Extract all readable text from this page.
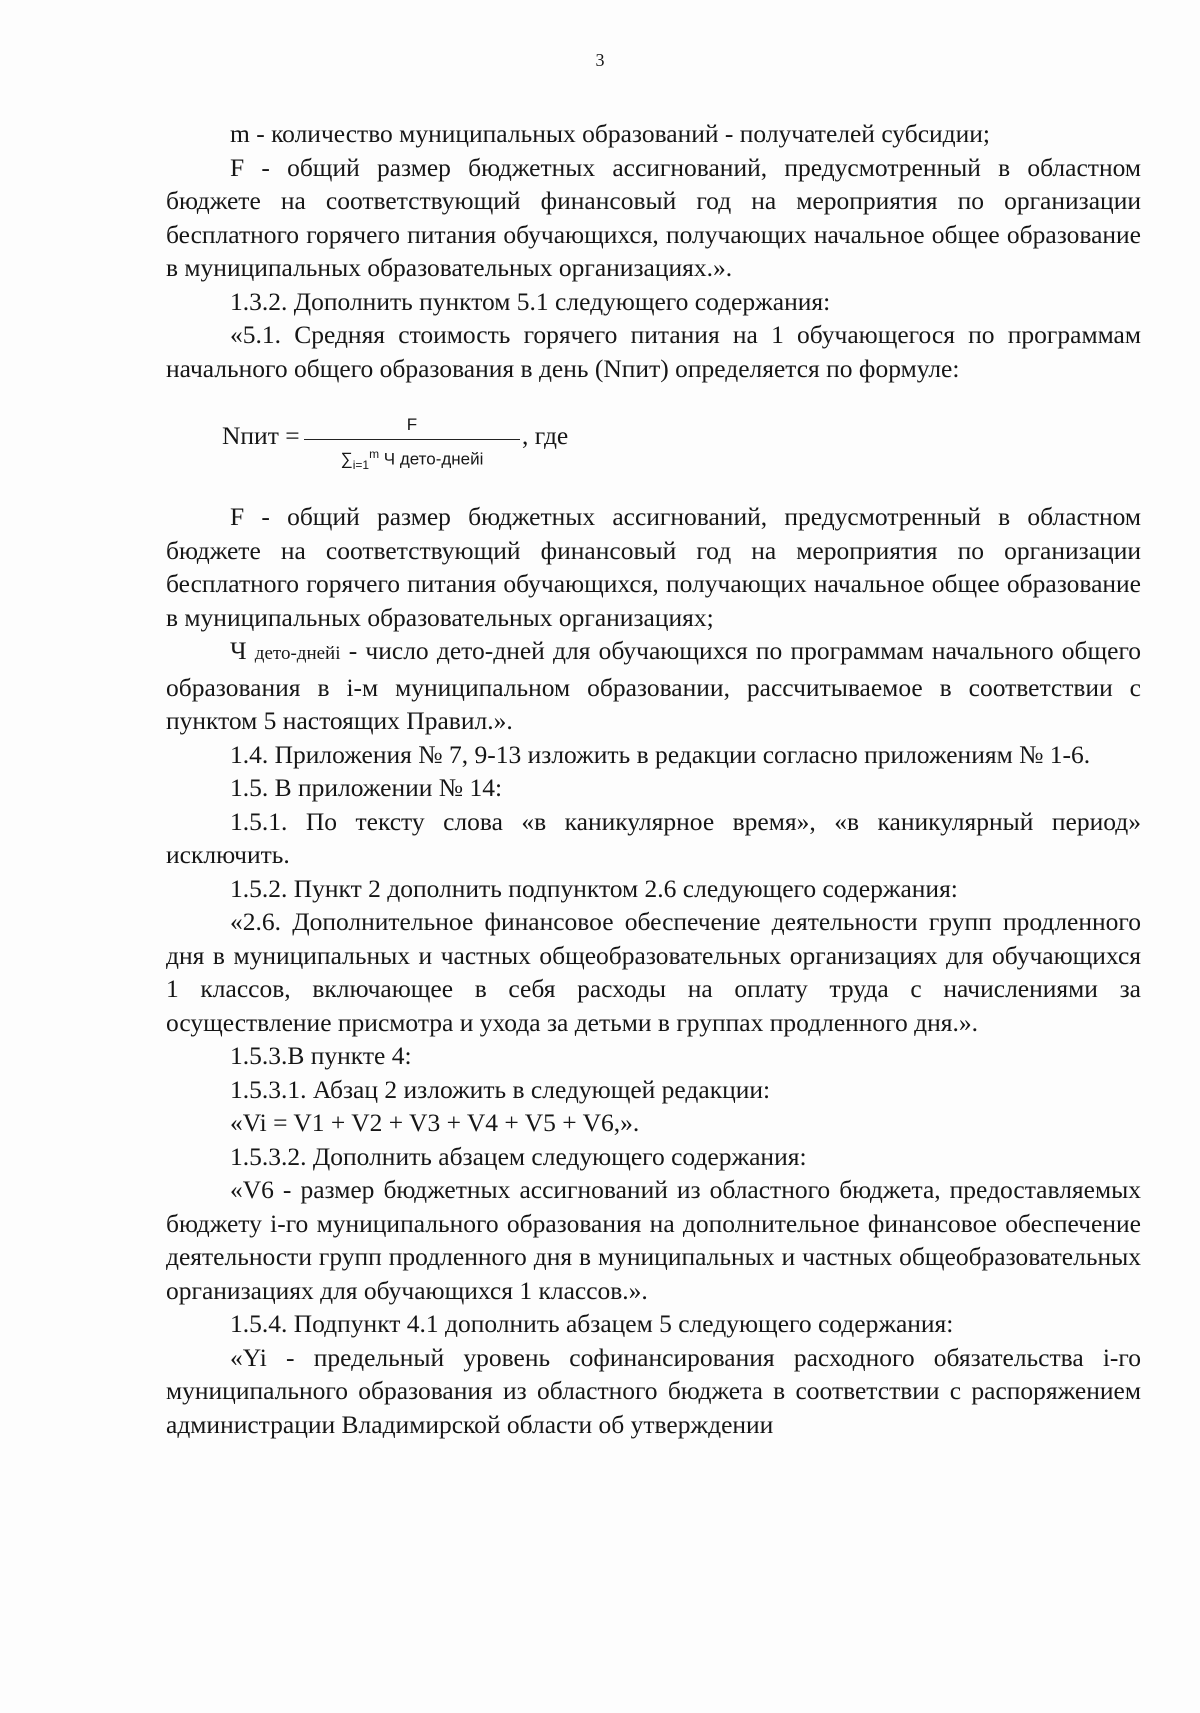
3

m - количество муниципальных образований - получателей субсидии;

F - общий размер бюджетных ассигнований, предусмотренный в областном бюджете на соответствующий финансовый год на мероприятия по организации бесплатного горячего питания обучающихся, получающих начальное общее образование в муниципальных образовательных организациях.».

1.3.2. Дополнить пунктом 5.1 следующего содержания:

«5.1. Средняя стоимость горячего питания на 1 обучающегося по программам начального общего образования в день (Nпит) определяется по формуле:

Nпит =	F
$\sum_{i=1}^m$ Ч дето-днейi
, где

F - общий размер бюджетных ассигнований, предусмотренный в областном бюджете на соответствующий финансовый год на мероприятия по организации бесплатного горячего питания обучающихся, получающих начальное общее образование в муниципальных образовательных организациях;

Ч дето-днейi - число дето-дней для обучающихся по программам начального общего образования в i-м муниципальном образовании, рассчитываемое в соответствии с пунктом 5 настоящих Правил.».

1.4. Приложения № 7, 9-13 изложить в редакции согласно приложениям № 1-6.

1.5. В приложении № 14:

1.5.1. По тексту слова «в каникулярное время», «в каникулярный период» исключить.

1.5.2. Пункт 2 дополнить подпунктом 2.6 следующего содержания:

«2.6. Дополнительное финансовое обеспечение деятельности групп продленного дня в муниципальных и частных общеобразовательных организациях для обучающихся 1 классов, включающее в себя расходы на оплату труда с начислениями за осуществление присмотра и ухода за детьми в группах продленного дня.».

1.5.3.В пункте 4:

1.5.3.1. Абзац 2 изложить в следующей редакции:

«Vi = V1 + V2 + V3 + V4 + V5 + V6,».

1.5.3.2. Дополнить абзацем следующего содержания:

«V6 - размер бюджетных ассигнований из областного бюджета, предоставляемых бюджету i-го муниципального образования на дополнительное финансовое обеспечение деятельности групп продленного дня в муниципальных и частных общеобразовательных организациях для обучающихся 1 классов.».

1.5.4. Подпункт 4.1 дополнить абзацем 5 следующего содержания:

«Yi - предельный уровень софинансирования расходного обязательства i-го муниципального образования из областного бюджета в соответствии с распоряжением администрации Владимирской области об утверждении
